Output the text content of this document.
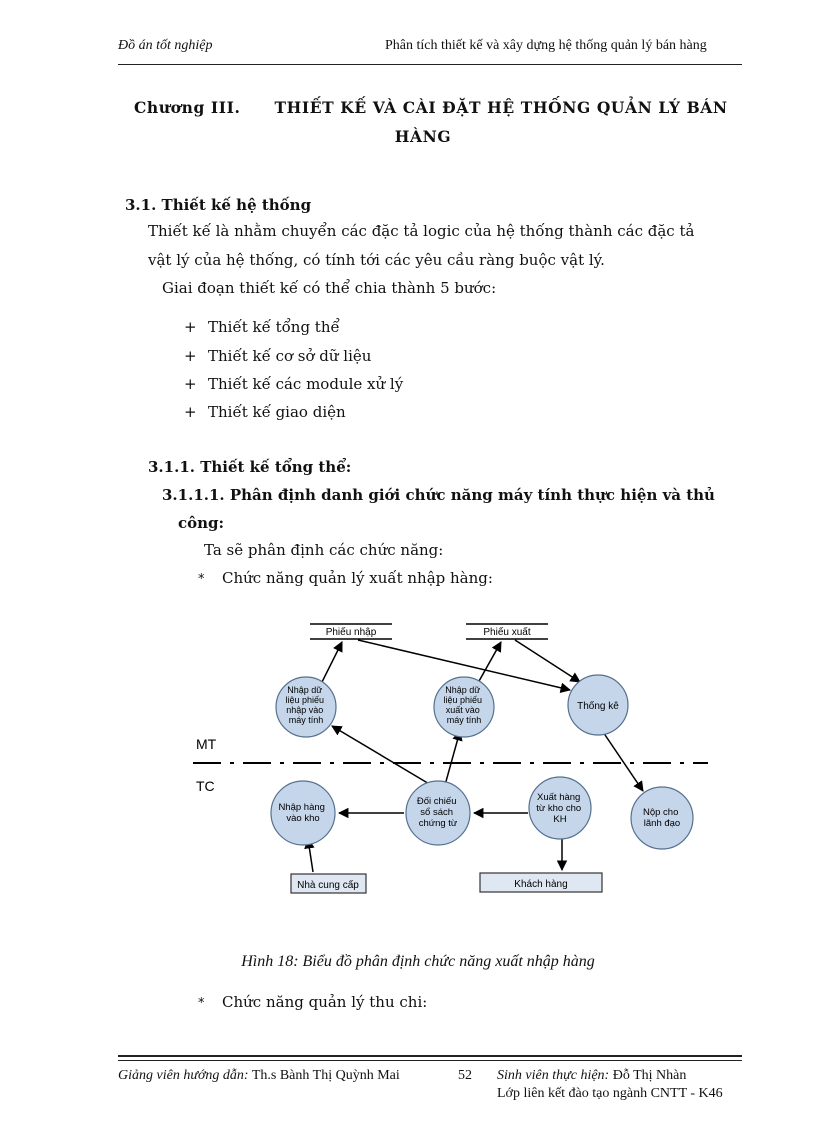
Đồ án tốt nghiệp	Phân tích thiết kế và xây dựng hệ thống quản lý bán hàng
Chương III. THIẾT KẾ VÀ CÀI ĐẶT HỆ THỐNG QUẢN LÝ BÁN
HÀNG
3.1. Thiết kế hệ thống
Thiết kế là nhằm chuyển các đặc tả logic của hệ thống thành các đặc tả
vật lý của hệ thống, có tính tới các yêu cầu ràng buộc vật lý.
Giai đoạn thiết kế có thể chia thành 5 bước:
+ Thiết kế tổng thể
+ Thiết kế cơ sở dữ liệu
+ Thiết kế các module xử lý
+ Thiết kế giao diện
3.1.1. Thiết kế tổng thể:
3.1.1.1. Phân định danh giới chức năng máy tính thực hiện và thủ
công:
Ta sẽ phân định các chức năng:
* Chức năng quản lý xuất nhập hàng:
MT
TC
Phiếu nhập	Phiếu xuất
Nhập dữ liệu phiếu nhập vào máy tính
Nhập dữ liệu phiếu xuất vào máy tính
Thống kê
Nhập hàng vào kho
Đối chiếu sổ sách chứng từ
Xuất hàng từ kho cho KH
Nộp cho lãnh đạo
Nhà cung cấp	Khách hàng
Hình 18: Biểu đồ phân định chức năng xuất nhập hàng
* Chức năng quản lý thu chi:
Giảng viên hướng dẫn: Th.s Bành Thị Quỳnh Mai	52 Sinh viên thực hiện: Đỗ Thị Nhàn
Lớp liên kết đào tạo ngành CNTT - K46
